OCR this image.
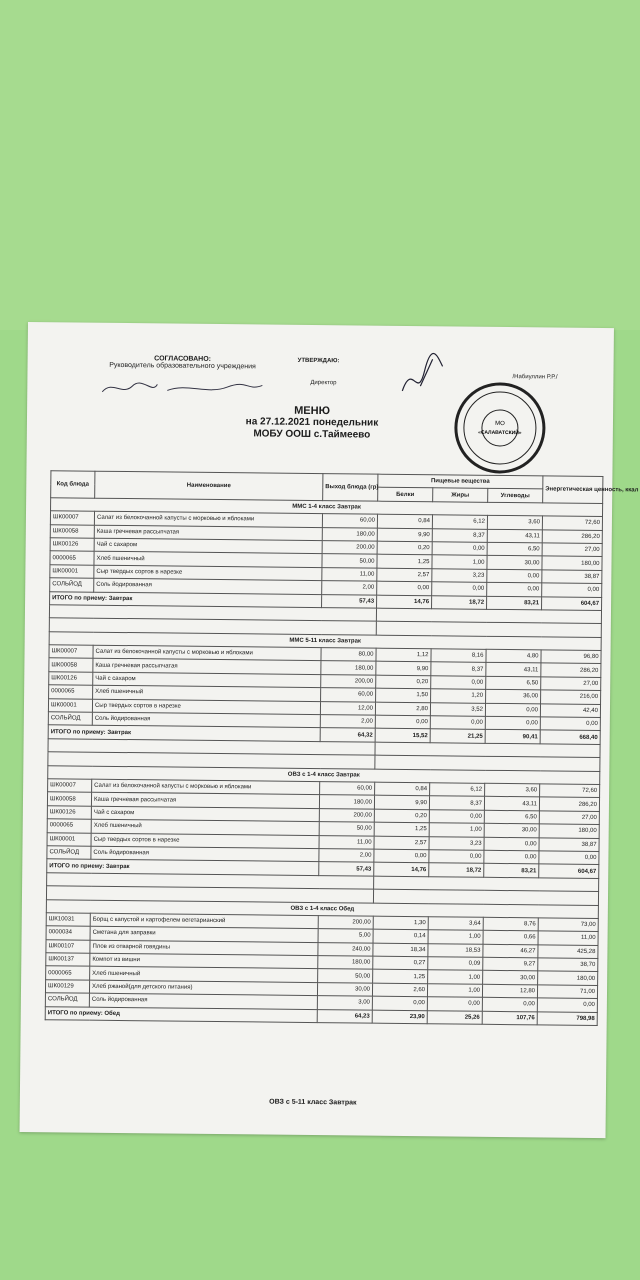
СОГЛАСОВАНО:
Руководитель образовательного учреждения
УТВЕРЖДАЮ:
Директор
/Набиуллин Р.Р./
МО
«САЛАВАТСКИЙ»
МЕНЮ
на 27.12.2021 понедельник
МОБУ ООШ с.Таймеево
Код блюда	Наименование	Выход блюда (гр)	Пищевые вещества			Энергетическая ценность, ккал
			Белки	Жиры	Углеводы	
ММС 1-4 класс Завтрак						
ШК00007	Салат из белокочанной капусты с морковью и яблоками	60,00	0,84	6,12	3,60	72,60
ШК00058	Каша гречневая рассыпчатая	180,00	9,90	8,37	43,11	286,20
ШК00126	Чай с сахаром	200,00	0,20	0,00	6,50	27,00
0000065	Хлеб пшеничный	50,00	1,25	1,00	30,00	180,00
ШК00001	Сыр твердых сортов в нарезке	11,00	2,57	3,23	0,00	38,87
СОЛЬЙОД	Соль йодированная	2,00	0,00	0,00	0,00	0,00
ИТОГО по приему: Завтрак		57,43	14,76	18,72	83,21	604,67

ММС 5-11 класс Завтрак						
ШК00007	Салат из белокочанной капусты с морковью и яблоками	80,00	1,12	8,16	4,80	96,80
ШК00058	Каша гречневая рассыпчатая	180,00	9,90	8,37	43,11	286,20
ШК00126	Чай с сахаром	200,00	0,20	0,00	6,50	27,00
0000065	Хлеб пшеничный	60,00	1,50	1,20	36,00	216,00
ШК00001	Сыр твердых сортов в нарезке	12,00	2,80	3,52	0,00	42,40
СОЛЬЙОД	Соль йодированная	2,00	0,00	0,00	0,00	0,00
ИТОГО по приему: Завтрак		64,32	15,52	21,25	90,41	668,40

ОВЗ с 1-4 класс Завтрак						
ШК00007	Салат из белокочанной капусты с морковью и яблоками	60,00	0,84	6,12	3,60	72,60
ШК00058	Каша гречневая рассыпчатая	180,00	9,90	8,37	43,11	286,20
ШК00126	Чай с сахаром	200,00	0,20	0,00	6,50	27,00
0000065	Хлеб пшеничный	50,00	1,25	1,00	30,00	180,00
ШК00001	Сыр твердых сортов в нарезке	11,00	2,57	3,23	0,00	38,87
СОЛЬЙОД	Соль йодированная	2,00	0,00	0,00	0,00	0,00
ИТОГО по приему: Завтрак		57,43	14,76	18,72	83,21	604,67

ОВЗ с 1-4 класс Обед						
ШК10031	Борщ с капустой и картофелем вегетарианский	200,00	1,30	3,64	8,76	73,00
0000034	Сметана для заправки	5,00	0,14	1,00	0,66	11,00
ШК00107	Плов из отварной говядины	240,00	18,34	18,53	46,27	425,28
ШК00137	Компот из вишни	180,00	0,27	0,09	9,27	38,70
0000065	Хлеб пшеничный	50,00	1,25	1,00	30,00	180,00
ШК00129	Хлеб ржаной(для детского питания)	30,00	2,60	1,00	12,80	71,00
СОЛЬЙОД	Соль йодированная	3,00	0,00	0,00	0,00	0,00
ИТОГО по приему: Обед		64,23	23,90	25,26	107,76	798,98
ОВЗ с 5-11 класс Завтрак
